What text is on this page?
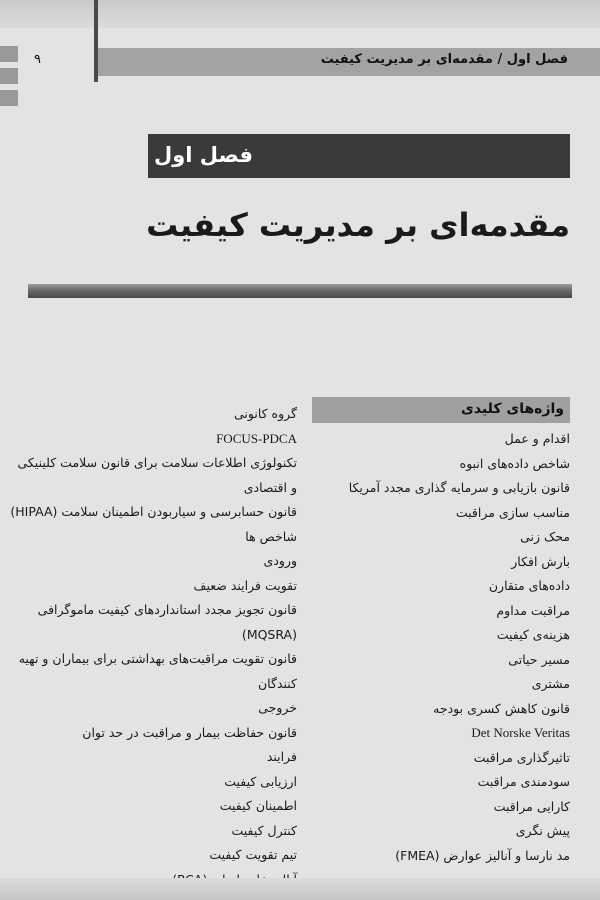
فصل اول / مقدمه‌ای بر مدیریت کیفیت
۹
فصل اول
مقدمه‌ای بر مدیریت کیفیت
واژه‌های کلیدی
اقدام و عمل
شاخص داده‌های انبوه
قانون بازیابی و سرمایه گذاری مجدد آمریکا
مناسب سازی مراقبت
محک زنی
بارش افکار
داده‌های متقارن
مراقبت مداوم
هزینه‌ی کیفیت
مسیر حیاتی
مشتری
قانون کاهش کسری بودجه
Det Norske Veritas
تاثیرگذاری مراقبت
سودمندی مراقبت
کارایی مراقبت
پیش نگری
مد نارسا و آنالیز عوارض (FMEA)
گروه کانونی
FOCUS-PDCA
تکنولوژی اطلاعات سلامت برای قانون سلامت کلینیکی
و اقتصادی
قانون حسابرسی و سیاربودن اطمینان سلامت (HIPAA)
شاخص ها
ورودی
تقویت فرایند ضعیف
قانون تجویز مجدد استانداردهای کیفیت ماموگرافی
(MQSRA)
قانون تقویت مراقبت‌های بهداشتی برای بیماران و تهیه
کنندگان
خروجی
قانون حفاظت بیمار و مراقبت در حد توان
فرایند
ارزیابی کیفیت
اطمینان کیفیت
کنترل کیفیت
تیم تقویت کیفیت
